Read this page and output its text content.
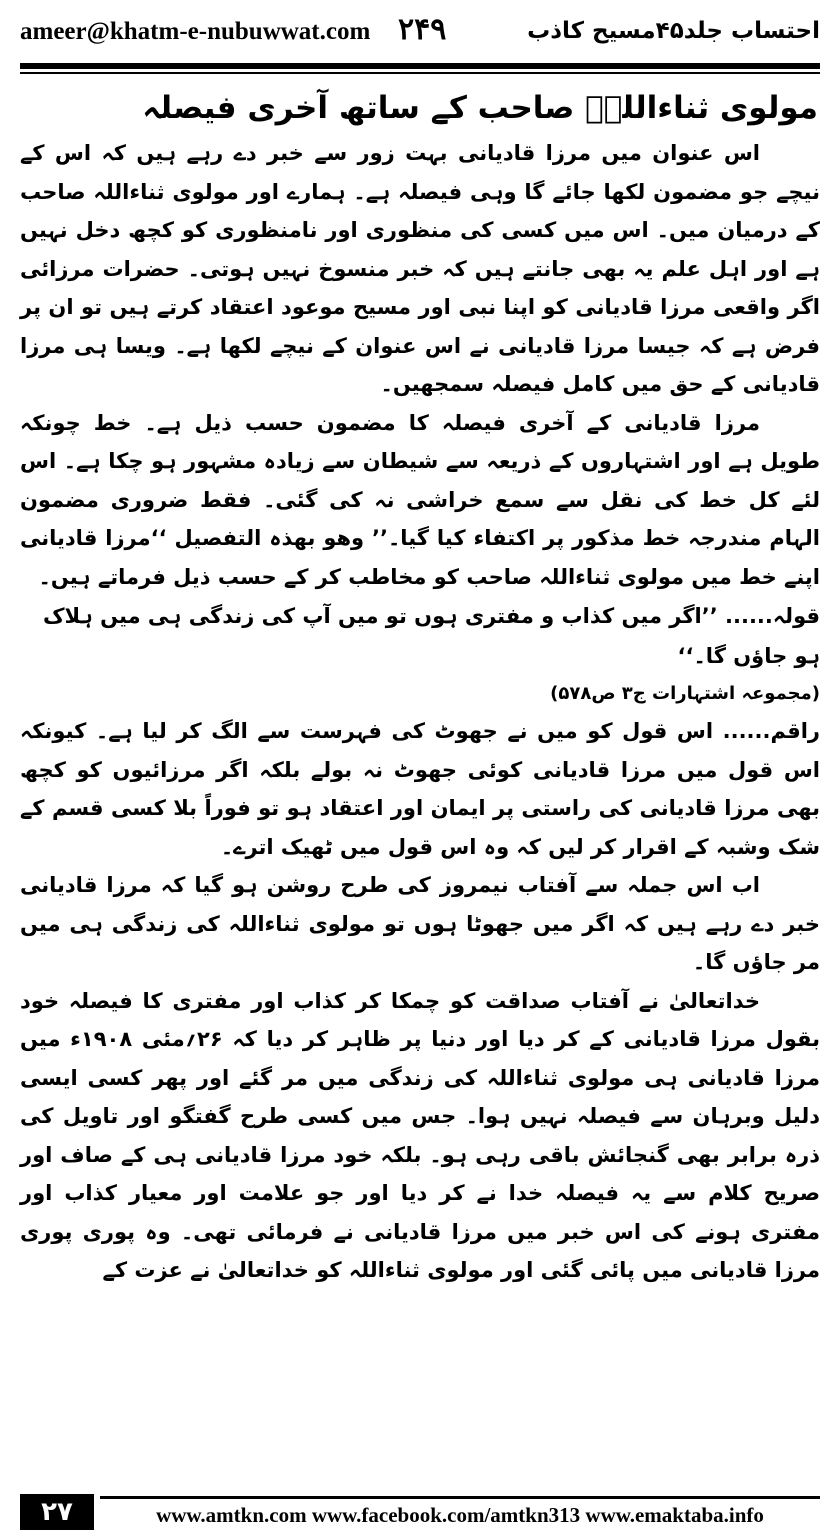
ameer@khatm-e-nubuwwat.com ۲۴۹	احتساب جلد۴۵مسیح کاذب

مولوی ثناءاللہؒ صاحب کے ساتھ آخری فیصلہ

اس عنوان میں مرزا قادیانی بہت زور سے خبر دے رہے ہیں کہ اس کے نیچے جو مضمون لکھا جائے گا وہی فیصلہ ہے۔ ہمارے اور مولوی ثناءاللہ صاحب کے درمیان میں۔ اس میں کسی کی منظوری اور نامنظوری کو کچھ دخل نہیں ہے اور اہل علم یہ بھی جانتے ہیں کہ خبر منسوخ نہیں ہوتی۔ حضرات مرزائی اگر واقعی مرزا قادیانی کو اپنا نبی اور مسیح موعود اعتقاد کرتے ہیں تو ان پر فرض ہے کہ جیسا مرزا قادیانی نے اس عنوان کے نیچے لکھا ہے۔ ویسا ہی مرزا قادیانی کے حق میں کامل فیصلہ سمجھیں۔

مرزا قادیانی کے آخری فیصلہ کا مضمون حسب ذیل ہے۔ خط چونکہ طویل ہے اور اشتہاروں کے ذریعہ سے شیطان سے زیادہ مشہور ہو چکا ہے۔ اس لئے کل خط کی نقل سے سمع خراشی نہ کی گئی۔ فقط ضروری مضمون الہام مندرجہ خط مذکور پر اکتفاء کیا گیا۔’’ وھو بھذہ التفصیل ‘‘مرزا قادیانی اپنے خط میں مولوی ثناءاللہ صاحب کو مخاطب کر کے حسب ذیل فرماتے ہیں۔

قولہ...... ’’اگر میں کذاب و مفتری ہوں تو میں آپ کی زندگی ہی میں ہلاک ہو جاؤں گا۔‘‘

(مجموعہ اشتہارات ج۳ ص۵۷۸)

راقم...... اس قول کو میں نے جھوٹ کی فہرست سے الگ کر لیا ہے۔ کیونکہ اس قول میں مرزا قادیانی کوئی جھوٹ نہ بولے بلکہ اگر مرزائیوں کو کچھ بھی مرزا قادیانی کی راستی پر ایمان اور اعتقاد ہو تو فوراً بلا کسی قسم کے شک وشبہ کے اقرار کر لیں کہ وہ اس قول میں ٹھیک اترے۔

اب اس جملہ سے آفتاب نیمروز کی طرح روشن ہو گیا کہ مرزا قادیانی خبر دے رہے ہیں کہ اگر میں جھوٹا ہوں تو مولوی ثناءاللہ کی زندگی ہی میں مر جاؤں گا۔

خداتعالیٰ نے آفتاب صداقت کو چمکا کر کذاب اور مفتری کا فیصلہ خود بقول مرزا قادیانی کے کر دیا اور دنیا پر ظاہر کر دیا کہ ۲۶؍مئی ۱۹۰۸ء میں مرزا قادیانی ہی مولوی ثناءاللہ کی زندگی میں مر گئے اور پھر کسی ایسی دلیل وبرہان سے فیصلہ نہیں ہوا۔ جس میں کسی طرح گفتگو اور تاویل کی ذرہ برابر بھی گنجائش باقی رہی ہو۔ بلکہ خود مرزا قادیانی ہی کے صاف اور صریح کلام سے یہ فیصلہ خدا نے کر دیا اور جو علامت اور معیار کذاب اور مفتری ہونے کی اس خبر میں مرزا قادیانی نے فرمائی تھی۔ وہ پوری پوری مرزا قادیانی میں پائی گئی اور مولوی ثناءاللہ کو خداتعالیٰ نے عزت کے

۲۷	www.amtkn.com www.facebook.com/amtkn313 www.emaktaba.info
